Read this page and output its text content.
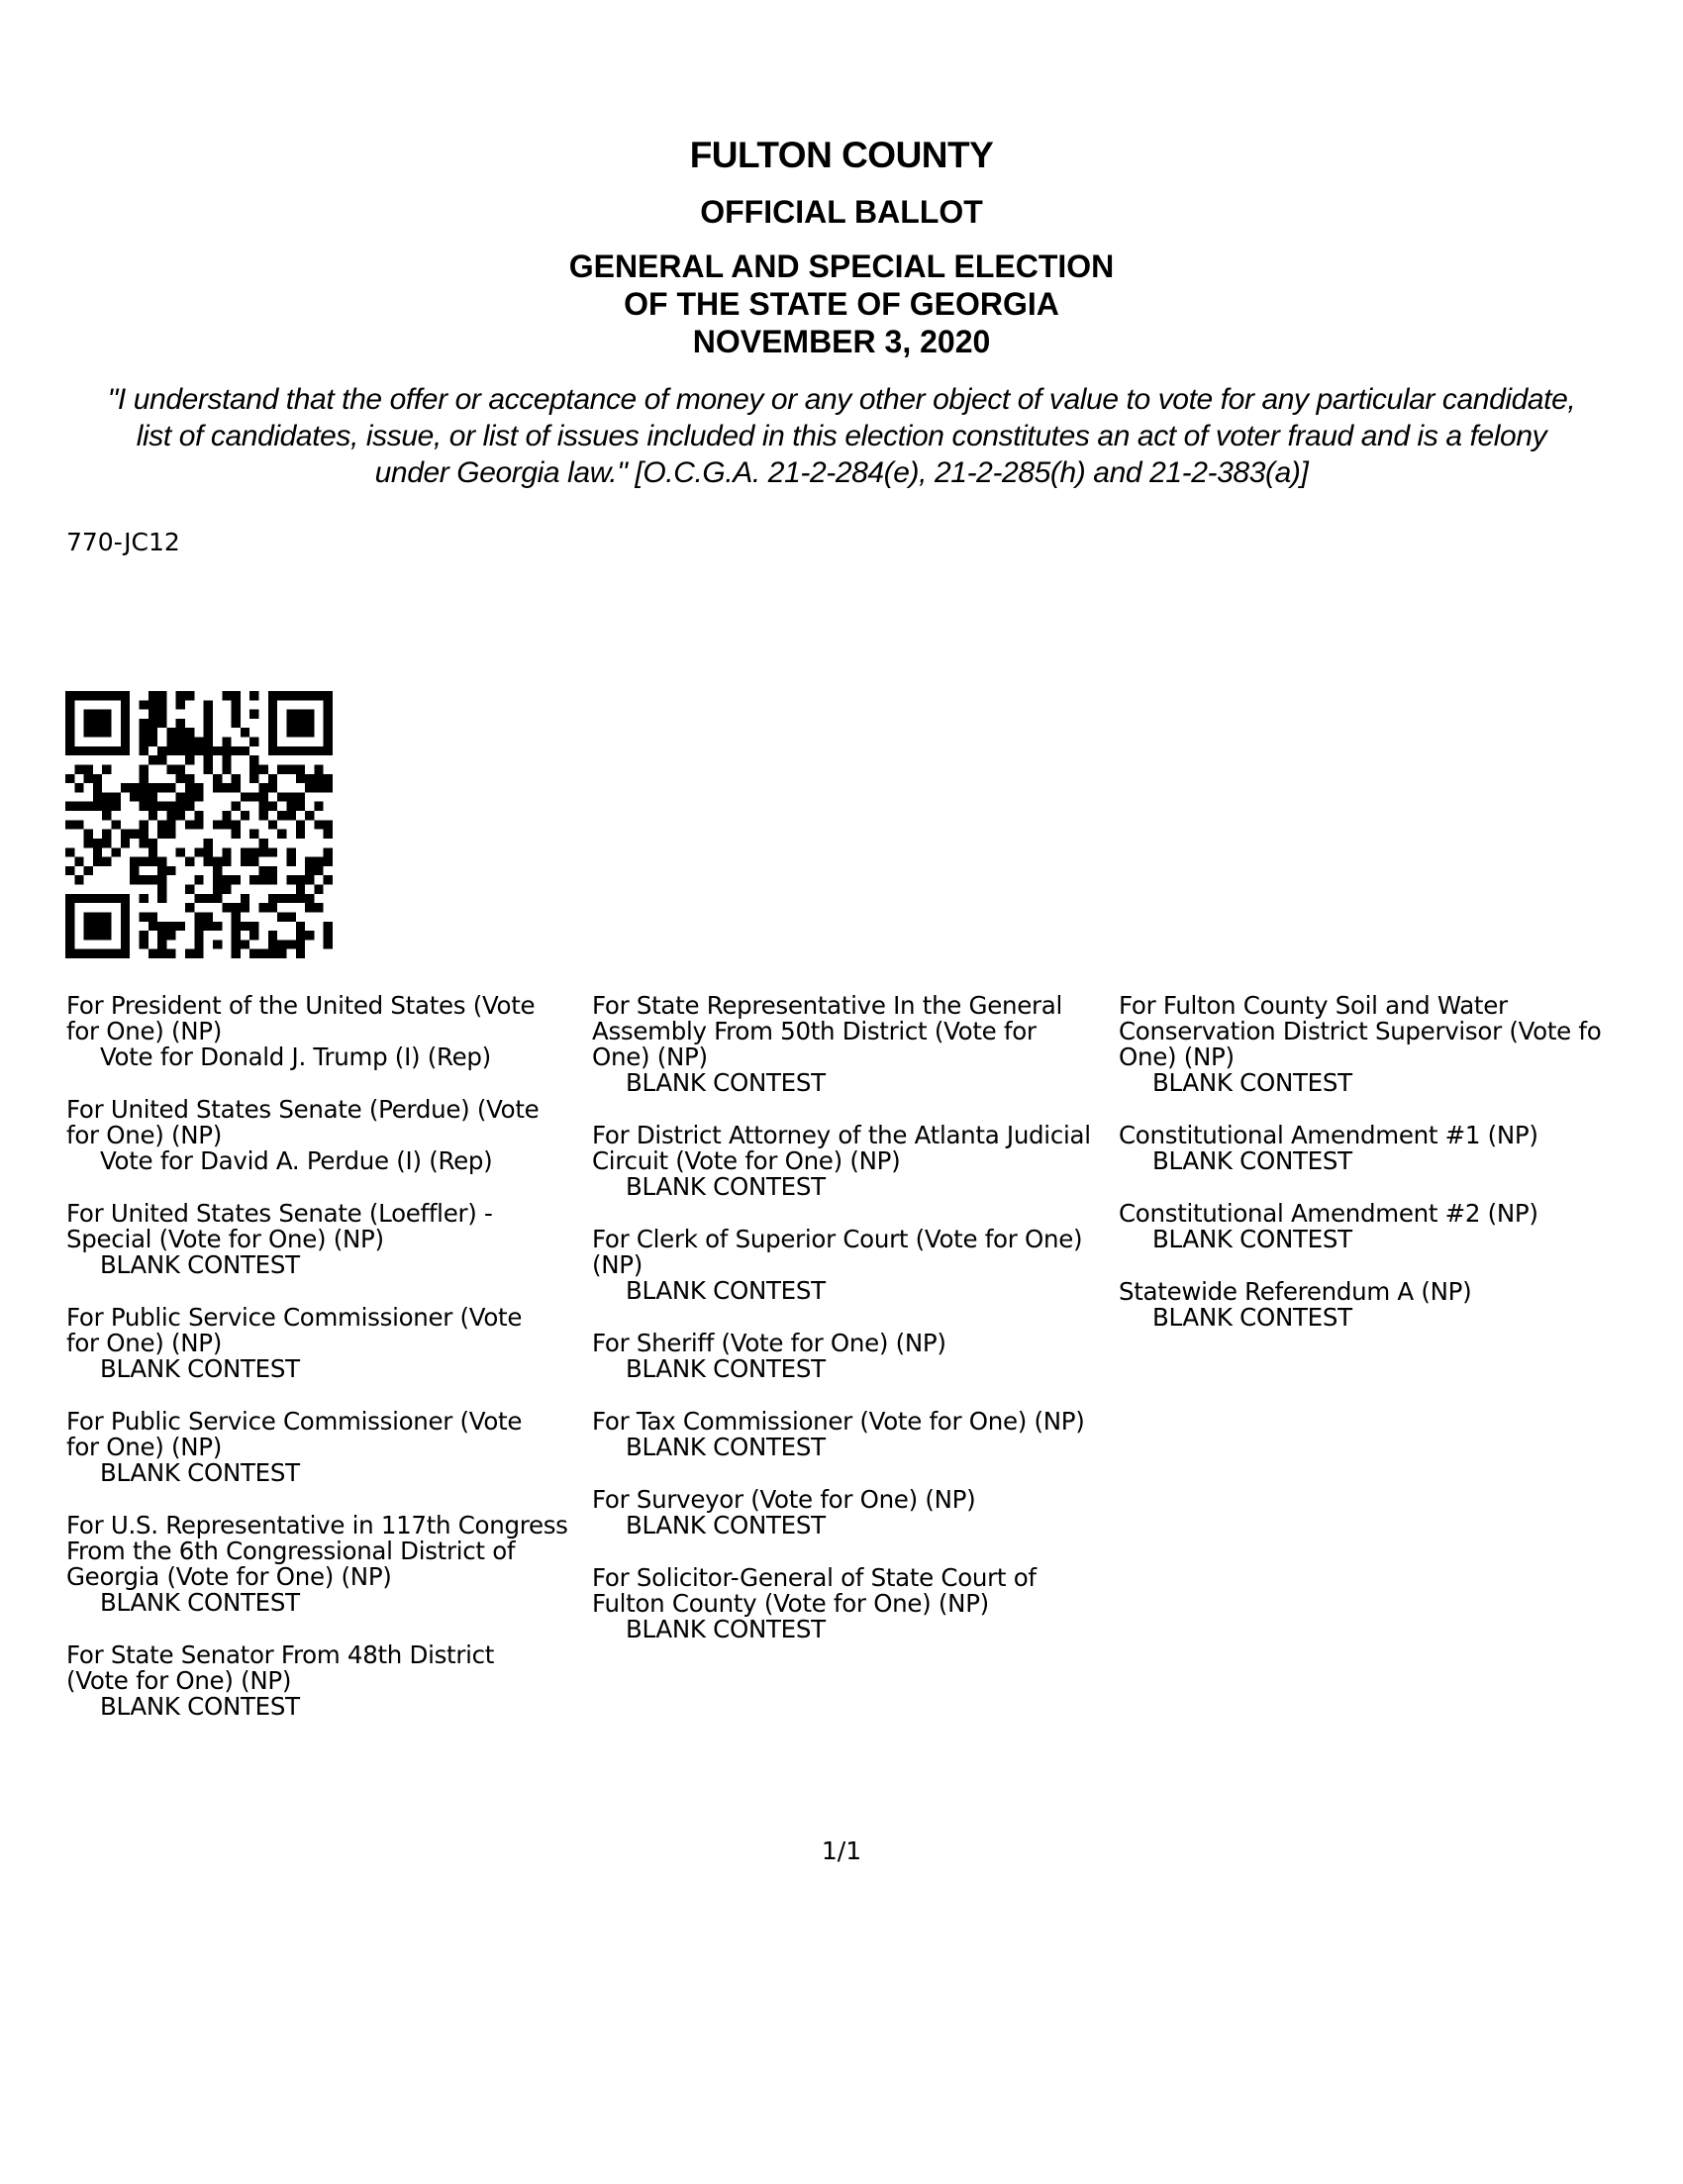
FULTON COUNTY
OFFICIAL BALLOT
GENERAL AND SPECIAL ELECTION
OF THE STATE OF GEORGIA
NOVEMBER 3, 2020
"I understand that the offer or acceptance of money or any other object of value to vote for any particular candidate,
list of candidates, issue, or list of issues included in this election constitutes an act of voter fraud and is a felony
under Georgia law." [O.C.G.A. 21-2-284(e), 21-2-285(h) and 21-2-383(a)]
770-JC12
For President of the United States (Vote
for One) (NP)
Vote for Donald J. Trump (I) (Rep)
For United States Senate (Perdue) (Vote
for One) (NP)
Vote for David A. Perdue (I) (Rep)
For United States Senate (Loeffler) -
Special (Vote for One) (NP)
BLANK CONTEST
For Public Service Commissioner (Vote
for One) (NP)
BLANK CONTEST
For Public Service Commissioner (Vote
for One) (NP)
BLANK CONTEST
For U.S. Representative in 117th Congress
From the 6th Congressional District of
Georgia (Vote for One) (NP)
BLANK CONTEST
For State Senator From 48th District
(Vote for One) (NP)
BLANK CONTEST
For State Representative In the General
Assembly From 50th District (Vote for
One) (NP)
BLANK CONTEST
For District Attorney of the Atlanta Judicial
Circuit (Vote for One) (NP)
BLANK CONTEST
For Clerk of Superior Court (Vote for One)
(NP)
BLANK CONTEST
For Sheriff (Vote for One) (NP)
BLANK CONTEST
For Tax Commissioner (Vote for One) (NP)
BLANK CONTEST
For Surveyor (Vote for One) (NP)
BLANK CONTEST
For Solicitor-General of State Court of
Fulton County (Vote for One) (NP)
BLANK CONTEST
For Fulton County Soil and Water
Conservation District Supervisor (Vote fo
One) (NP)
BLANK CONTEST
Constitutional Amendment #1 (NP)
BLANK CONTEST
Constitutional Amendment #2 (NP)
BLANK CONTEST
Statewide Referendum A (NP)
BLANK CONTEST
1/1
